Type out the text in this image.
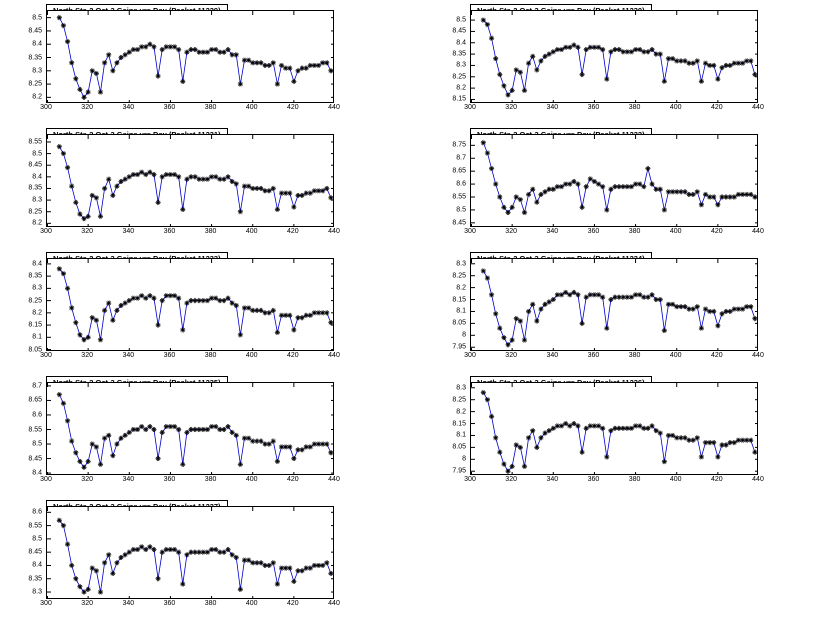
8.2
8.25
8.3
8.35
8.4
8.45
8.5
300	320	340	360	380	400	420	440
8.15
8.2
8.25
8.3
8.35
8.4
8.45
8.5
300	320	340	360	380	400	420	440
8.2
8.25
8.3
8.35
8.4
8.45
8.5
8.55
300	320	340	360	380	400	420	440
8.45
8.5
8.55
8.6
8.65
8.7
8.75
300	320	340	360	380	400	420	440
8.05
8.1
8.15
8.2
8.25
8.3
8.35
8.4
300	320	340	360	380	400	420	440
7.95
8
8.05
8.1
8.15
8.2
8.25
8.3
300	320	340	360	380	400	420	440
8.4
8.45
8.5
8.55
8.6
8.65
8.7
300	320	340	360	380	400	420	440
7.95
8
8.05
8.1
8.15
8.2
8.25
8.3
300	320	340	360	380	400	420	440
8.3
8.35
8.4
8.45
8.5
8.55
8.6
300	320	340	360	380	400	420	440
